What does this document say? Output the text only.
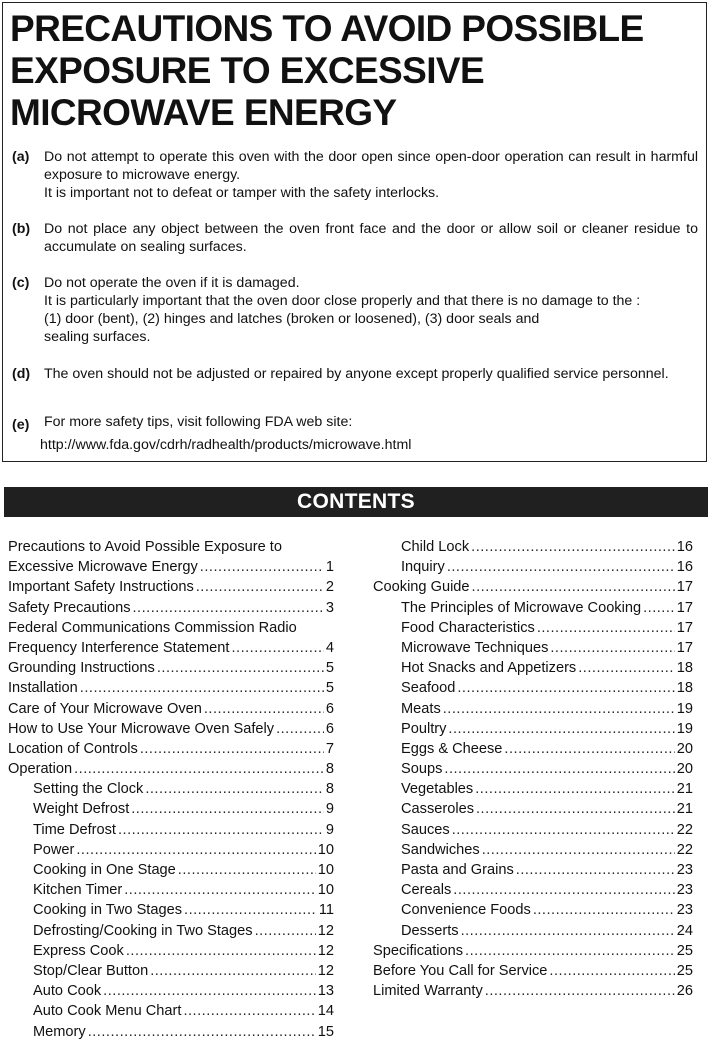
PRECAUTIONS TO AVOID POSSIBLE
EXPOSURE TO EXCESSIVE
MICROWAVE ENERGY
(a) Do not attempt to operate this oven with the door open since open-door operation can result in harmful exposure to microwave energy.
It is important not to defeat or tamper with the safety interlocks.
(b) Do not place any object between the oven front face and the door or allow soil or cleaner residue to accumulate on sealing surfaces.
(c) Do not operate the oven if it is damaged.
It is particularly important that the oven door close properly and that there is no damage to the :
(1) door (bent), (2) hinges and latches (broken or loosened), (3) door seals and
sealing surfaces.
(d) The oven should not be adjusted or repaired by anyone except properly qualified service personnel.
(e) For more safety tips, visit following FDA web site:
http://www.fda.gov/cdrh/radhealth/products/microwave.html
CONTENTS
Precautions to Avoid Possible Exposure to
Excessive Microwave Energy .....	1
Important Safety Instructions .....	2
Safety Precautions .....	3
Federal Communications Commission Radio
Frequency Interference Statement .....	4
Grounding Instructions .....	5
Installation .....	5
Care of Your Microwave Oven .....	6
How to Use Your Microwave Oven Safely .....	6
Location of Controls .....	7
Operation .....	8
Setting the Clock .....	8
Weight Defrost .....	9
Time Defrost .....	9
Power .....	10
Cooking in One Stage .....	10
Kitchen Timer .....	10
Cooking in Two Stages .....	11
Defrosting/Cooking in Two Stages .....	12
Express Cook .....	12
Stop/Clear Button .....	12
Auto Cook .....	13
Auto Cook Menu Chart .....	14
Memory .....	15
Child Lock .....	16
Inquiry .....	16
Cooking Guide .....	17
The Principles of Microwave Cooking ..... 17
Food Characteristics .....	17
Microwave Techniques .....	17
Hot Snacks and Appetizers .....	18
Seafood .....	18
Meats .....	19
Poultry .....	19
Eggs & Cheese .....	20
Soups .....	20
Vegetables .....	21
Casseroles .....	21
Sauces .....	22
Sandwiches .....	22
Pasta and Grains .....	23
Cereals .....	23
Convenience Foods .....	23
Desserts .....	24
Specifications .....	25
Before You Call for Service .....	25
Limited Warranty .....	26
